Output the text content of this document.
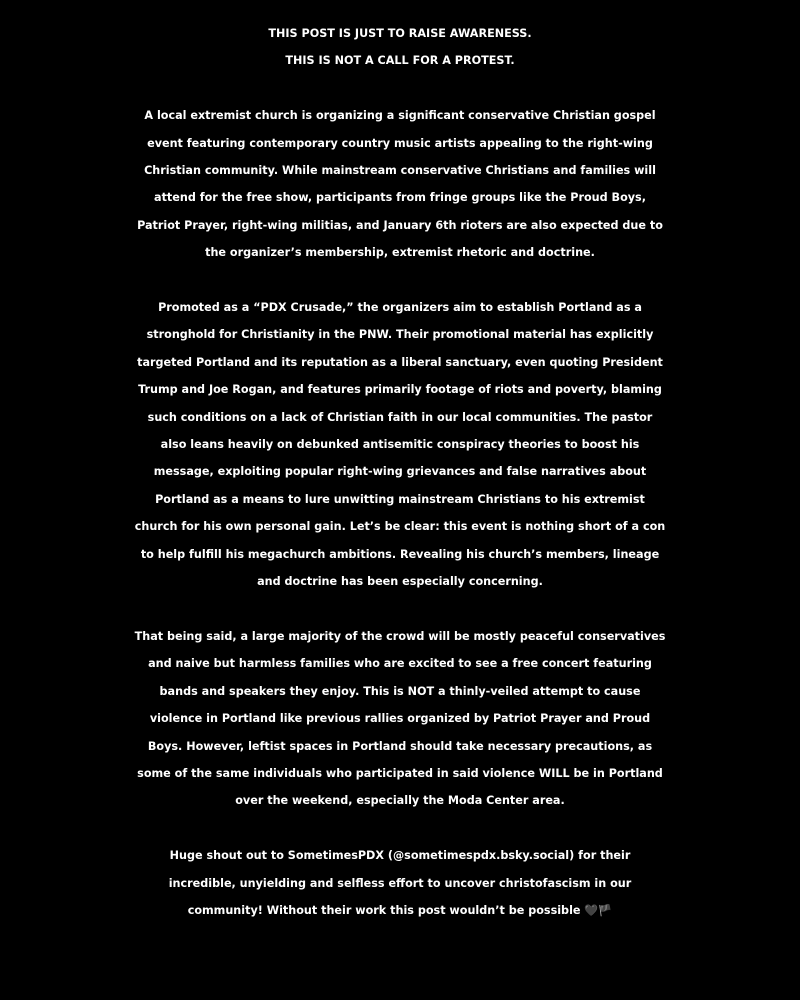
THIS POST IS JUST TO RAISE AWARENESS.
THIS IS NOT A CALL FOR A PROTEST.
A local extremist church is organizing a significant conservative Christian gospel
event featuring contemporary country music artists appealing to the right-wing
Christian community. While mainstream conservative Christians and families will
attend for the free show, participants from fringe groups like the Proud Boys,
Patriot Prayer, right-wing militias, and January 6th rioters are also expected due to
the organizer’s membership, extremist rhetoric and doctrine.
Promoted as a “PDX Crusade,” the organizers aim to establish Portland as a
stronghold for Christianity in the PNW. Their promotional material has explicitly
targeted Portland and its reputation as a liberal sanctuary, even quoting President
Trump and Joe Rogan, and features primarily footage of riots and poverty, blaming
such conditions on a lack of Christian faith in our local communities. The pastor
also leans heavily on debunked antisemitic conspiracy theories to boost his
message, exploiting popular right-wing grievances and false narratives about
Portland as a means to lure unwitting mainstream Christians to his extremist
church for his own personal gain. Let’s be clear: this event is nothing short of a con
to help fulfill his megachurch ambitions. Revealing his church’s members, lineage
and doctrine has been especially concerning.
That being said, a large majority of the crowd will be mostly peaceful conservatives
and naive but harmless families who are excited to see a free concert featuring
bands and speakers they enjoy. This is NOT a thinly-veiled attempt to cause
violence in Portland like previous rallies organized by Patriot Prayer and Proud
Boys. However, leftist spaces in Portland should take necessary precautions, as
some of the same individuals who participated in said violence WILL be in Portland
over the weekend, especially the Moda Center area.
Huge shout out to SometimesPDX (@sometimespdx.bsky.social) for their
incredible, unyielding and selfless effort to uncover christofascism in our
community! Without their work this post wouldn’t be possible 🖤🏴
